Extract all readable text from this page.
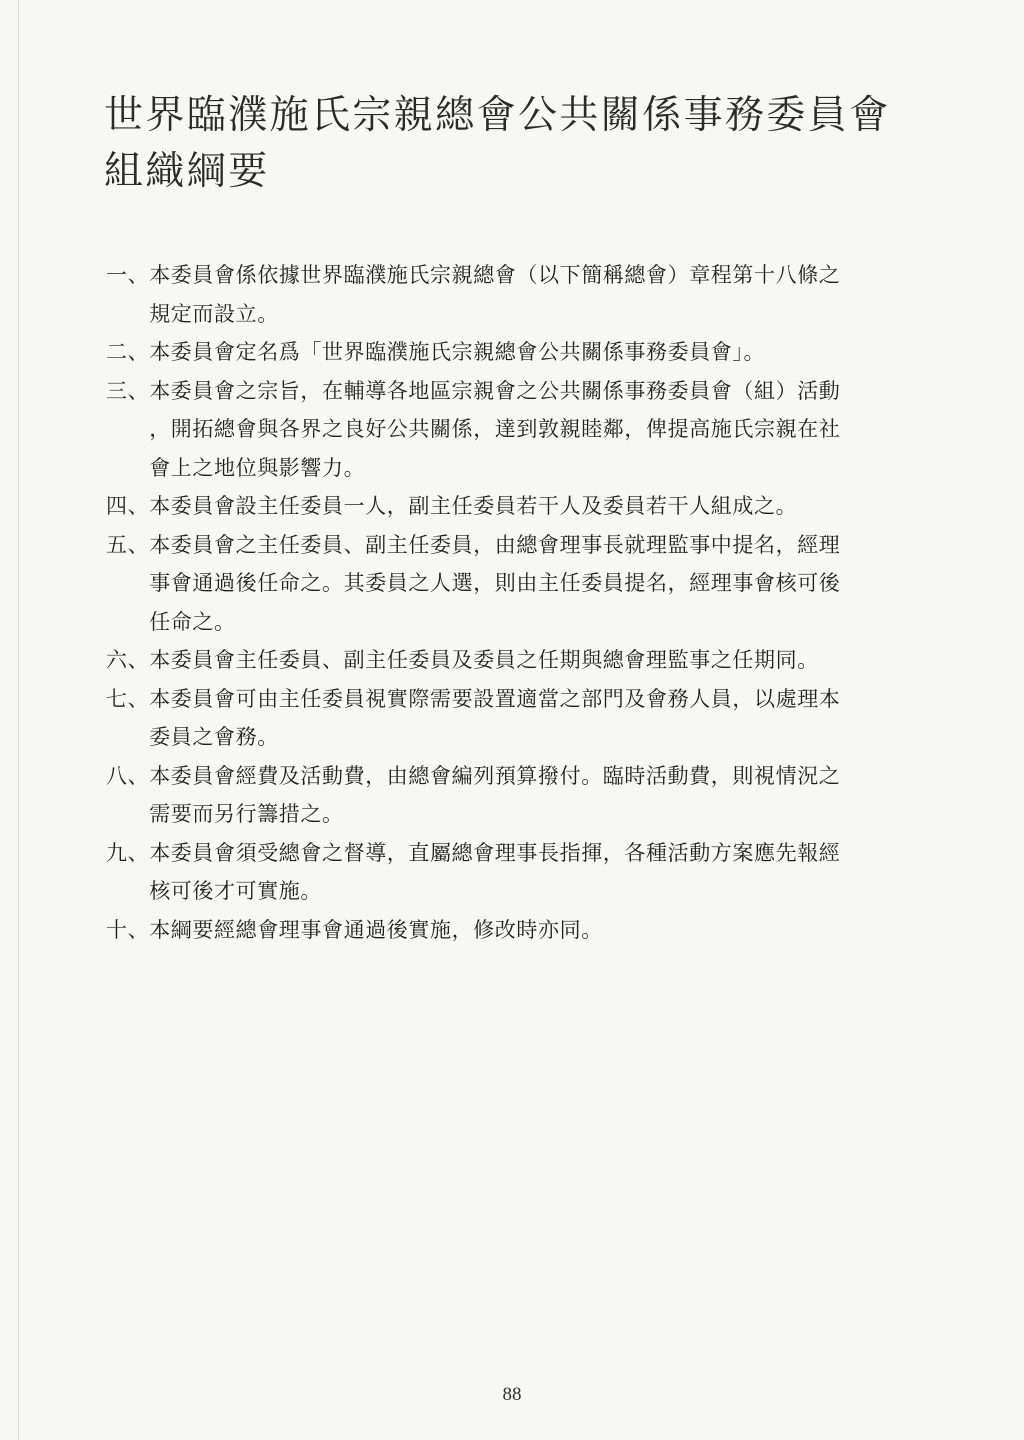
世界臨濮施氏宗親總會公共關係事務委員會
組織綱要
一、 本委員會係依據世界臨濮施氏宗親總會（以下簡稱總會）章程第十八條之
規定而設立。
二、 本委員會定名爲「世界臨濮施氏宗親總會公共關係事務委員會」。
三、 本委員會之宗旨，在輔導各地區宗親會之公共關係事務委員會（組）活動
，開拓總會與各界之良好公共關係，達到敦親睦鄰，俾提高施氏宗親在社
會上之地位與影響力。
四、 本委員會設主任委員一人，副主任委員若干人及委員若干人組成之。
五、 本委員會之主任委員、副主任委員，由總會理事長就理監事中提名，經理
事會通過後任命之。其委員之人選，則由主任委員提名，經理事會核可後
任命之。
六、 本委員會主任委員、副主任委員及委員之任期與總會理監事之任期同。
七、 本委員會可由主任委員視實際需要設置適當之部門及會務人員，以處理本
委員之會務。
八、 本委員會經費及活動費，由總會編列預算撥付。臨時活動費，則視情況之
需要而另行籌措之。
九、 本委員會須受總會之督導，直屬總會理事長指揮，各種活動方案應先報經
核可後才可實施。
十、 本綱要經總會理事會通過後實施，修改時亦同。
88
